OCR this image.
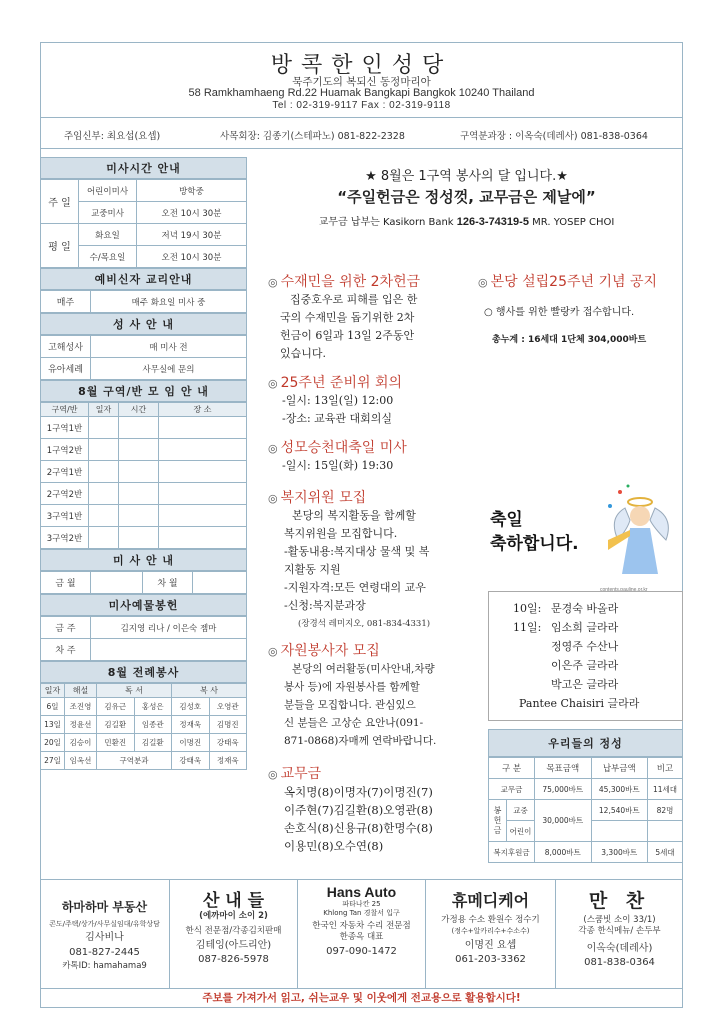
방콕한인성당
묵주기도의 복되신 동정마리아
58 Ramkhamhaeng Rd.22 Huamak Bangkapi Bangkok 10240 Thailand
Tel : 02-319-9117 Fax : 02-319-9118
주임신부: 최요섭(요셉)	사목회장: 김종기(스테파노) 081-822-2328	구역분과장 : 이옥숙(데레사) 081-838-0364
미사시간 안내
주 일	어린이미사	방학중
	교중미사	오전 10시 30분
평 일	화요일	저녁 19시 30분
	수/목요일	오전 10시 30분
예비신자 교리안내
매주	매주 화요일 미사 중
성 사 안 내
고해성사	매 미사 전
유아세례	사무실에 문의
8월 구역/반 모 임 안 내
구역/반	일자	시간	장 소
1구역1반			
1구역2반			
2구역1반			
2구역2반			
3구역1반			
3구역2반			
미 사 안 내
금 월		차 월	
미사예물봉헌
금 주	김지영 리나 / 이은숙 젬마
차 주	
8월 전례봉사
일자	해설	독 서		복 사	
6일	조진영	김유근	홍성은	김성호	오영관
13일	정윤선	김길환	임종관	정재욱	김명진
20일	김승이	민환진	김길환	이명진	강태욱
27일	임옥선	구역분과		강태욱	정재욱
★ 8월은 1구역 봉사의 달 입니다.★
“주일헌금은 정성껏, 교무금은 제날에”
교무금 납부는 Kasikorn Bank 126-3-74319-5 MR. YOSEP CHOI
◎ 수재민을 위한 2차헌금
집중호우로 피해를 입은 한
국의 수재민을 돕기위한 2차
헌금이 6일과 13일 2주동안
있습니다.
◎ 25주년 준비위 회의
-일시: 13일(일) 12:00
-장소: 교육관 대회의실
◎ 성모승천대축일 미사
-일시: 15일(화) 19:30
◎ 복지위원 모집
본당의 복지활동을 함께할
복지위원을 모집합니다.
-활동내용:복지대상 물색 및 복
지활동 지원
-지원자격:모든 연령대의 교우
-신청:복지분과장
(장경석 레미지오, 081-834-4331)
◎ 자원봉사자 모집
본당의 여러활동(미사안내,차량
봉사 등)에 자원봉사를 함께할
분들을 모집합니다. 관심있으
신 분들은 고상순 요안나(091-
871-0868)자매께 연락바랍니다.
◎ 교무금
옥치명(8)이명자(7)이명진(7)
이주현(7)김길환(8)오영관(8)
손호식(8)신용규(8)한명수(8)
이용민(8)오수연(8)
◎ 본당 설립25주년 기념 공지
○ 행사를 위한 빨랑카 접수합니다.
총누계 : 16세대 1단체 304,000바트
축일
축하합니다.
contents.pauline.or.kr
10일: 문경숙 바올라
11일: 임소희 글라라
정영주 수산나
이은주 글라라
박고은 글라라
Pantee Chaisiri 글라라
우리들의 정성
구 분		목표금액	납부금액	비고
교무금		75,000바트	45,300바트	11세대
봉헌금	교중	30,000바트	12,540바트	82명
	어린이			
복지후원금		8,000바트	3,300바트	5세대
하마하마 부동산
콘도/주택/상가/사무실임대/유학상담
김사비나
081-827-2445
카톡ID: hamahama9
산 내 들
(에까마이 소이 2)
한식 전문점/각종김치판매
김테잉(아드리안)
087-826-5978
Hans Auto
파타나칸 25
Khlong Tan 경찰서 입구
한국인 자동차 수리 전문점
한종옥 대표
097-090-1472
휴메디케어
가정용 수소 환원수 정수기
(정수+알카리수+수소수)
이명진 요셉
061-203-3362
만 찬
(스쿰빗 소이 33/1)
각종 한식메뉴/ 손두부
이옥숙(데레사)
081-838-0364
주보를 가져가서 읽고, 쉬는교우 및 이웃에게 전교용으로 활용합시다!
